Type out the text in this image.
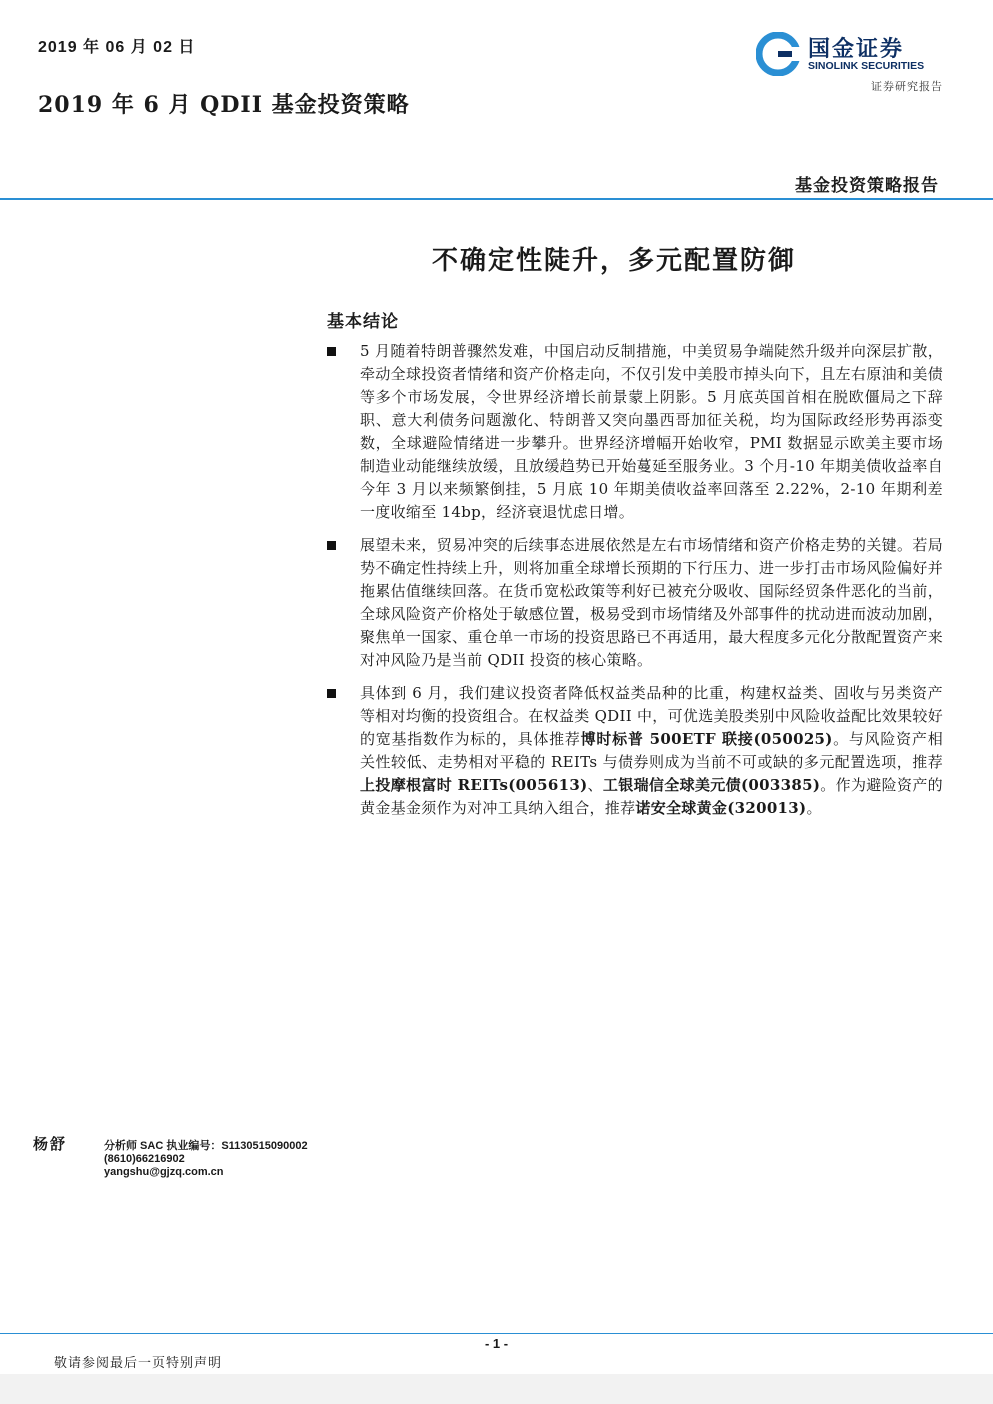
2019 年 06 月 02 日
2019 年 6 月 QDII 基金投资策略
国金证券
SINOLINK SECURITIES
证券研究报告
基金投资策略报告
不确定性陡升，多元配置防御
基本结论
5 月随着特朗普骤然发难，中国启动反制措施，中美贸易争端陡然升级并向深层扩散，牵动全球投资者情绪和资产价格走向，不仅引发中美股市掉头向下，且左右原油和美债等多个市场发展，令世界经济增长前景蒙上阴影。5 月底英国首相在脱欧僵局之下辞职、意大利债务问题激化、特朗普又突向墨西哥加征关税，均为国际政经形势再添变数，全球避险情绪进一步攀升。世界经济增幅开始收窄，PMI 数据显示欧美主要市场制造业动能继续放缓，且放缓趋势已开始蔓延至服务业。3 个月-10 年期美债收益率自今年 3 月以来频繁倒挂，5 月底 10 年期美债收益率回落至 2.22%，2-10 年期利差一度收缩至 14bp，经济衰退忧虑日增。
展望未来，贸易冲突的后续事态进展依然是左右市场情绪和资产价格走势的关键。若局势不确定性持续上升，则将加重全球增长预期的下行压力、进一步打击市场风险偏好并拖累估值继续回落。在货币宽松政策等利好已被充分吸收、国际经贸条件恶化的当前，全球风险资产价格处于敏感位置，极易受到市场情绪及外部事件的扰动进而波动加剧，聚焦单一国家、重仓单一市场的投资思路已不再适用，最大程度多元化分散配置资产来对冲风险乃是当前 QDII 投资的核心策略。
具体到 6 月，我们建议投资者降低权益类品种的比重，构建权益类、固收与另类资产等相对均衡的投资组合。在权益类 QDII 中，可优选美股类别中风险收益配比效果较好的宽基指数作为标的，具体推荐博时标普 500ETF 联接(050025)。与风险资产相关性较低、走势相对平稳的 REITs 与债券则成为当前不可或缺的多元配置选项，推荐上投摩根富时 REITs(005613)、工银瑞信全球美元债(003385)。作为避险资产的黄金基金须作为对冲工具纳入组合，推荐诺安全球黄金(320013)。
杨舒	分析师 SAC 执业编号：S1130515090002
(8610)66216902
yangshu@gjzq.com.cn
- 1 -
敬请参阅最后一页特别声明
